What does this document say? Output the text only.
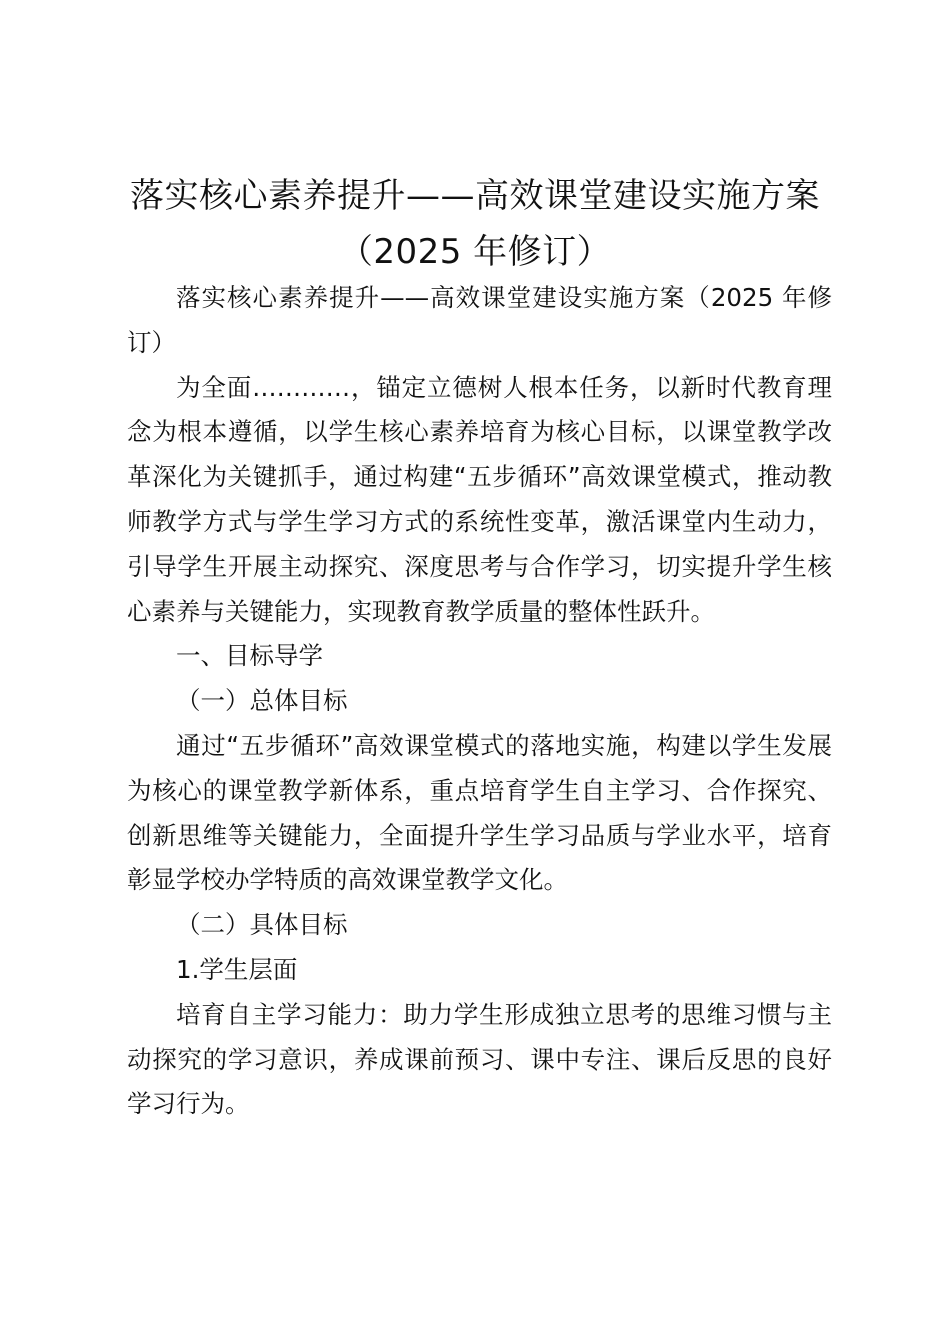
落实核心素养提升——高效课堂建设实施方案（2025 年修订）

落实核心素养提升——高效课堂建设实施方案（2025 年修订）

为全面…………，锚定立德树人根本任务，以新时代教育理念为根本遵循，以学生核心素养培育为核心目标，以课堂教学改革深化为关键抓手，通过构建“五步循环”高效课堂模式，推动教师教学方式与学生学习方式的系统性变革，激活课堂内生动力，引导学生开展主动探究、深度思考与合作学习，切实提升学生核心素养与关键能力，实现教育教学质量的整体性跃升。

一、目标导学

（一）总体目标

通过“五步循环”高效课堂模式的落地实施，构建以学生发展为核心的课堂教学新体系，重点培育学生自主学习、合作探究、创新思维等关键能力，全面提升学生学习品质与学业水平，培育彰显学校办学特质的高效课堂教学文化。

（二）具体目标

1.学生层面

培育自主学习能力：助力学生形成独立思考的思维习惯与主动探究的学习意识，养成课前预习、课中专注、课后反思的良好学习行为。
